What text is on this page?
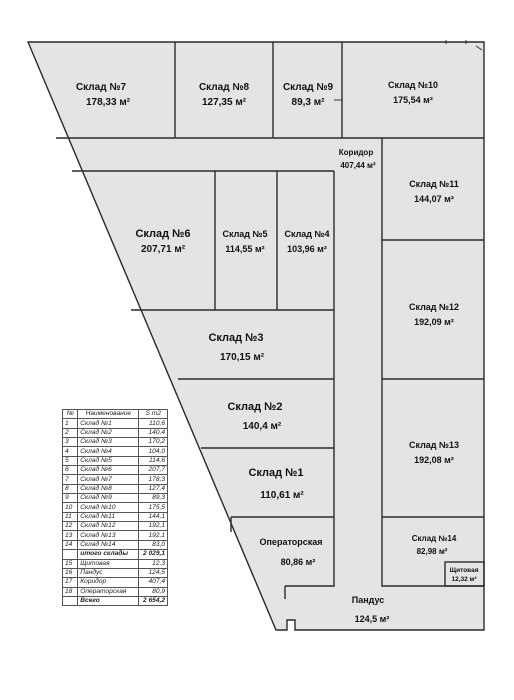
Склад №7
178,33 м²
Склад №8
127,35 м²
Склад №9
89,3 м²
Склад №10
175,54 м²
Коридор
407,44 м²
Склад №11
144,07 м²
Склад №6
207,71 м²
Склад №5
114,55 м²
Склад №4
103,96 м²
Склад №12
192,09 м²
Склад №3
170,15 м²
Склад №2
140,4 м²
Склад №13
192,08 м²
Склад №1
110,61 м²
Операторская
80,86 м²
Склад №14
82,98 м²
Щитовая
12,32 м²
Пандус
124,5 м²
№	Наименование	S m2
1	Склад №1	110,6
2	Склад №2	140,4
3	Склад №3	170,2
4	Склад №4	104,0
5	Склад №5	114,6
6	Склад №6	207,7
7	Склад №7	178,3
8	Склад №8	127,4
9	Склад №9	89,3
10	Склад №10	175,5
11	Склад №11	144,1
12	Склад №12	192,1
13	Склад №13	192,1
14	Склад №14	83,0
	итого склады	2 029,1
15	Щитовая	12,3
16	Пандус	124,5
17	Коридор	407,4
18	Операторская	80,9
	Всего	2 654,2
